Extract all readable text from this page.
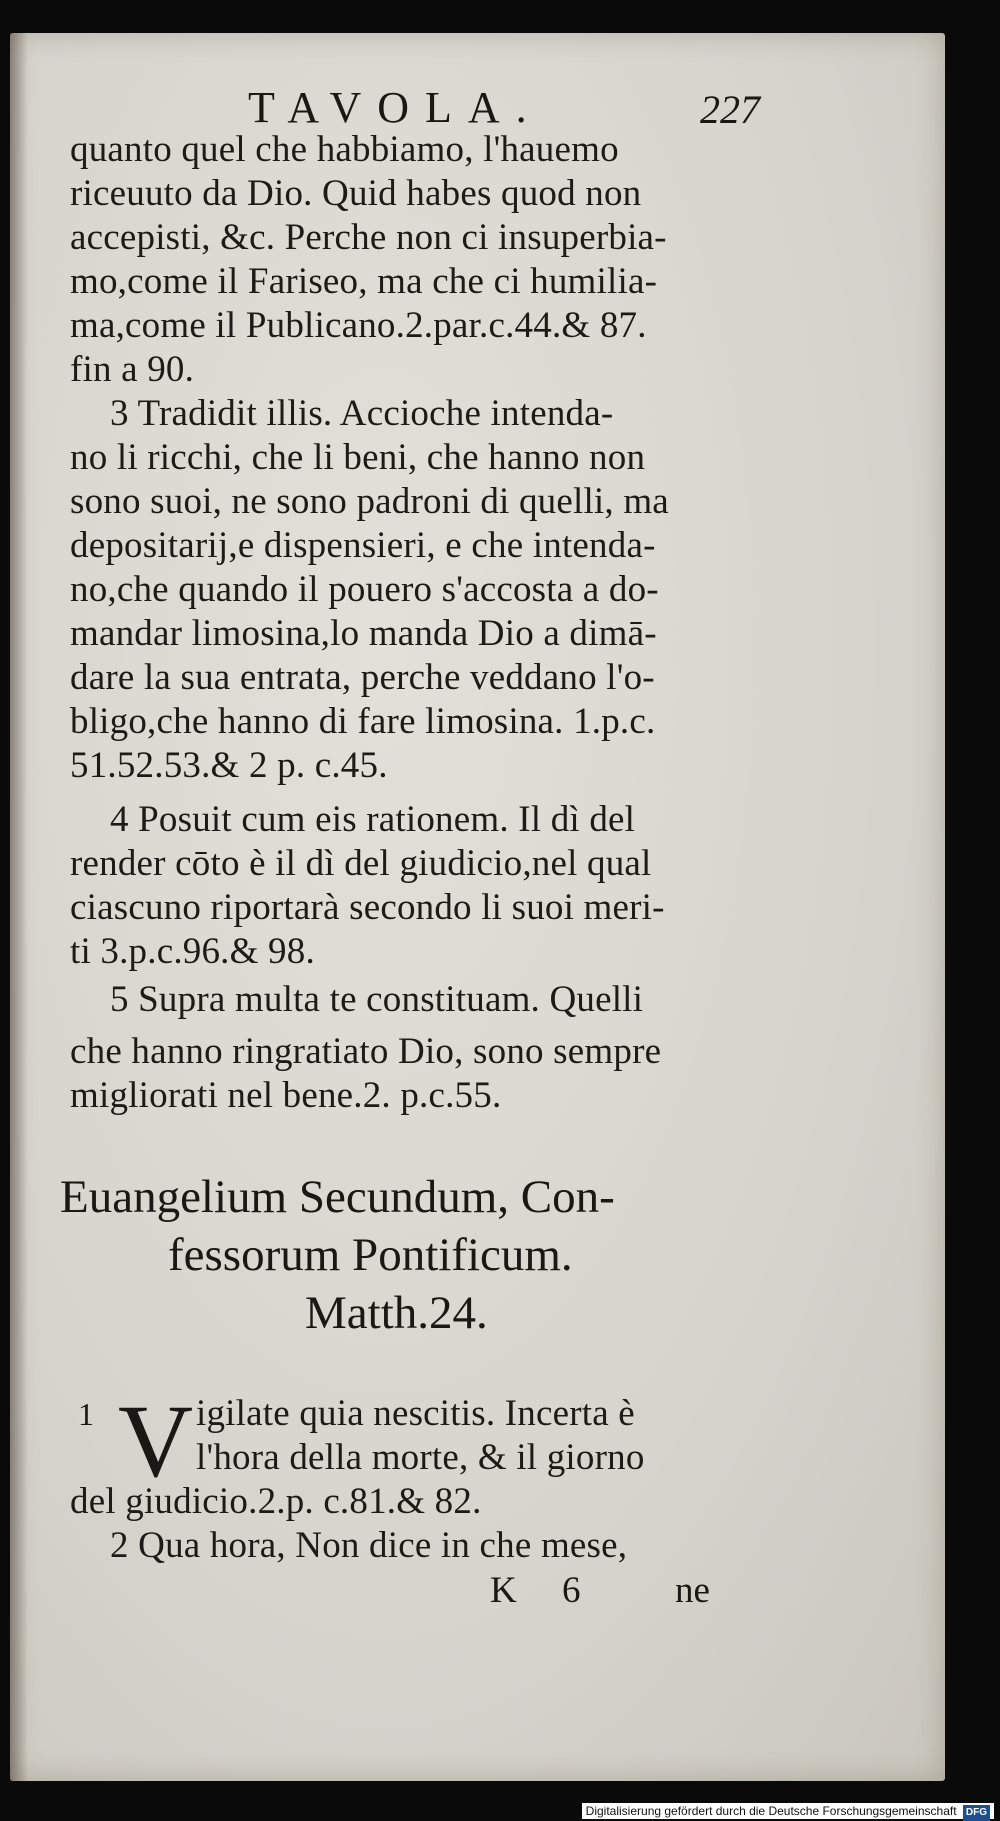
TAVOLA.	227
quanto quel che habbiamo, l'hauemo
riceuuto da Dio. Quid habes quod non
accepisti, &c. Perche non ci insuperbia-
mo,come il Fariseo, ma che ci humilia-
ma,come il Publicano.2.par.c.44.& 87.
fin a 90.
3 Tradidit illis. Accioche intenda-
no li ricchi, che li beni, che hanno non
sono suoi, ne sono padroni di quelli, ma
depositarij,e dispensieri, e che intenda-
no,che quando il pouero s'accosta a do-
mandar limosina,lo manda Dio a dimā-
dare la sua entrata, perche veddano l'o-
bligo,che hanno di fare limosina. 1.p.c.
51.52.53.& 2 p. c.45.
4 Posuit cum eis rationem. Il dì del
render cōto è il dì del giudicio,nel qual
ciascuno riportarà secondo li suoi meri-
ti 3.p.c.96.& 98.
5 Supra multa te constituam. Quelli
che hanno ringratiato Dio, sono sempre
migliorati nel bene.2. p.c.55.
Euangelium Secundum, Con-
fessorum Pontificum.
Matth.24.
1 V igilate quia nescitis. Incerta è
l'hora della morte, & il giorno
del giudicio.2.p. c.81.& 82.
2 Qua hora, Non dice in che mese,
K 6 ne
Digitalisierung gefördert durch die Deutsche Forschungsgemeinschaft DFG
